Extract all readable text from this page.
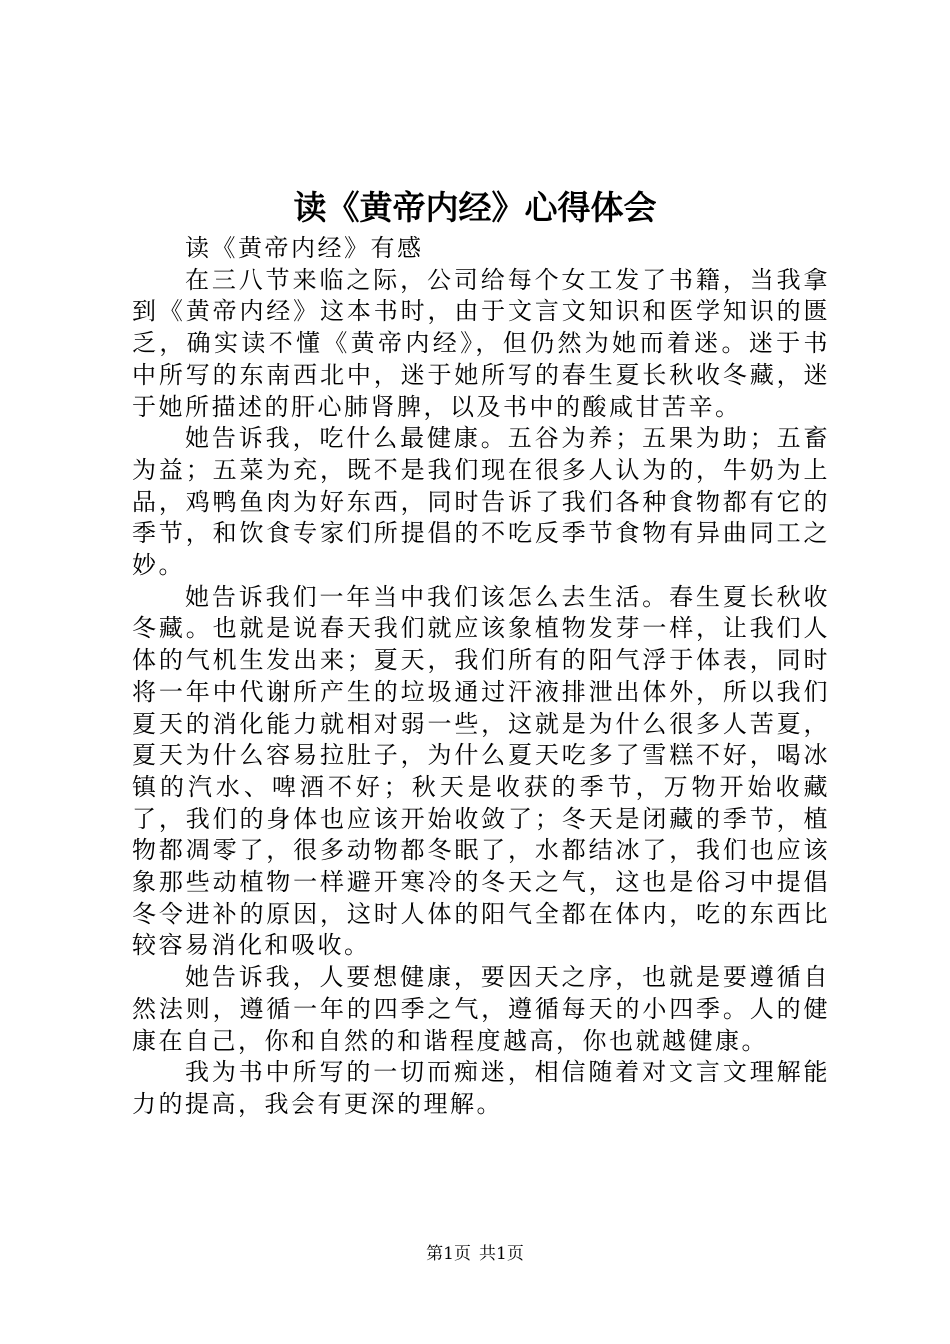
读《黄帝内经》心得体会

读《黄帝内经》有感

在三八节来临之际，公司给每个女工发了书籍，当我拿到《黄帝内经》这本书时，由于文言文知识和医学知识的匮乏，确实读不懂《黄帝内经》，但仍然为她而着迷。迷于书中所写的东南西北中，迷于她所写的春生夏长秋收冬藏，迷于她所描述的肝心肺肾脾，以及书中的酸咸甘苦辛。

她告诉我，吃什么最健康。五谷为养；五果为助；五畜为益；五菜为充，既不是我们现在很多人认为的，牛奶为上品，鸡鸭鱼肉为好东西，同时告诉了我们各种食物都有它的季节，和饮食专家们所提倡的不吃反季节食物有异曲同工之妙。

她告诉我们一年当中我们该怎么去生活。春生夏长秋收冬藏。也就是说春天我们就应该象植物发芽一样，让我们人体的气机生发出来；夏天，我们所有的阳气浮于体表，同时将一年中代谢所产生的垃圾通过汗液排泄出体外，所以我们夏天的消化能力就相对弱一些，这就是为什么很多人苦夏，夏天为什么容易拉肚子，为什么夏天吃多了雪糕不好，喝冰镇的汽水、啤酒不好；秋天是收获的季节，万物开始收藏了，我们的身体也应该开始收敛了；冬天是闭藏的季节，植物都凋零了，很多动物都冬眠了，水都结冰了，我们也应该象那些动植物一样避开寒冷的冬天之气，这也是俗习中提倡冬令进补的原因，这时人体的阳气全都在体内，吃的东西比较容易消化和吸收。

她告诉我，人要想健康，要因天之序，也就是要遵循自然法则，遵循一年的四季之气，遵循每天的小四季。人的健康在自己，你和自然的和谐程度越高，你也就越健康。

我为书中所写的一切而痴迷，相信随着对文言文理解能力的提高，我会有更深的理解。

第1页 共1页
